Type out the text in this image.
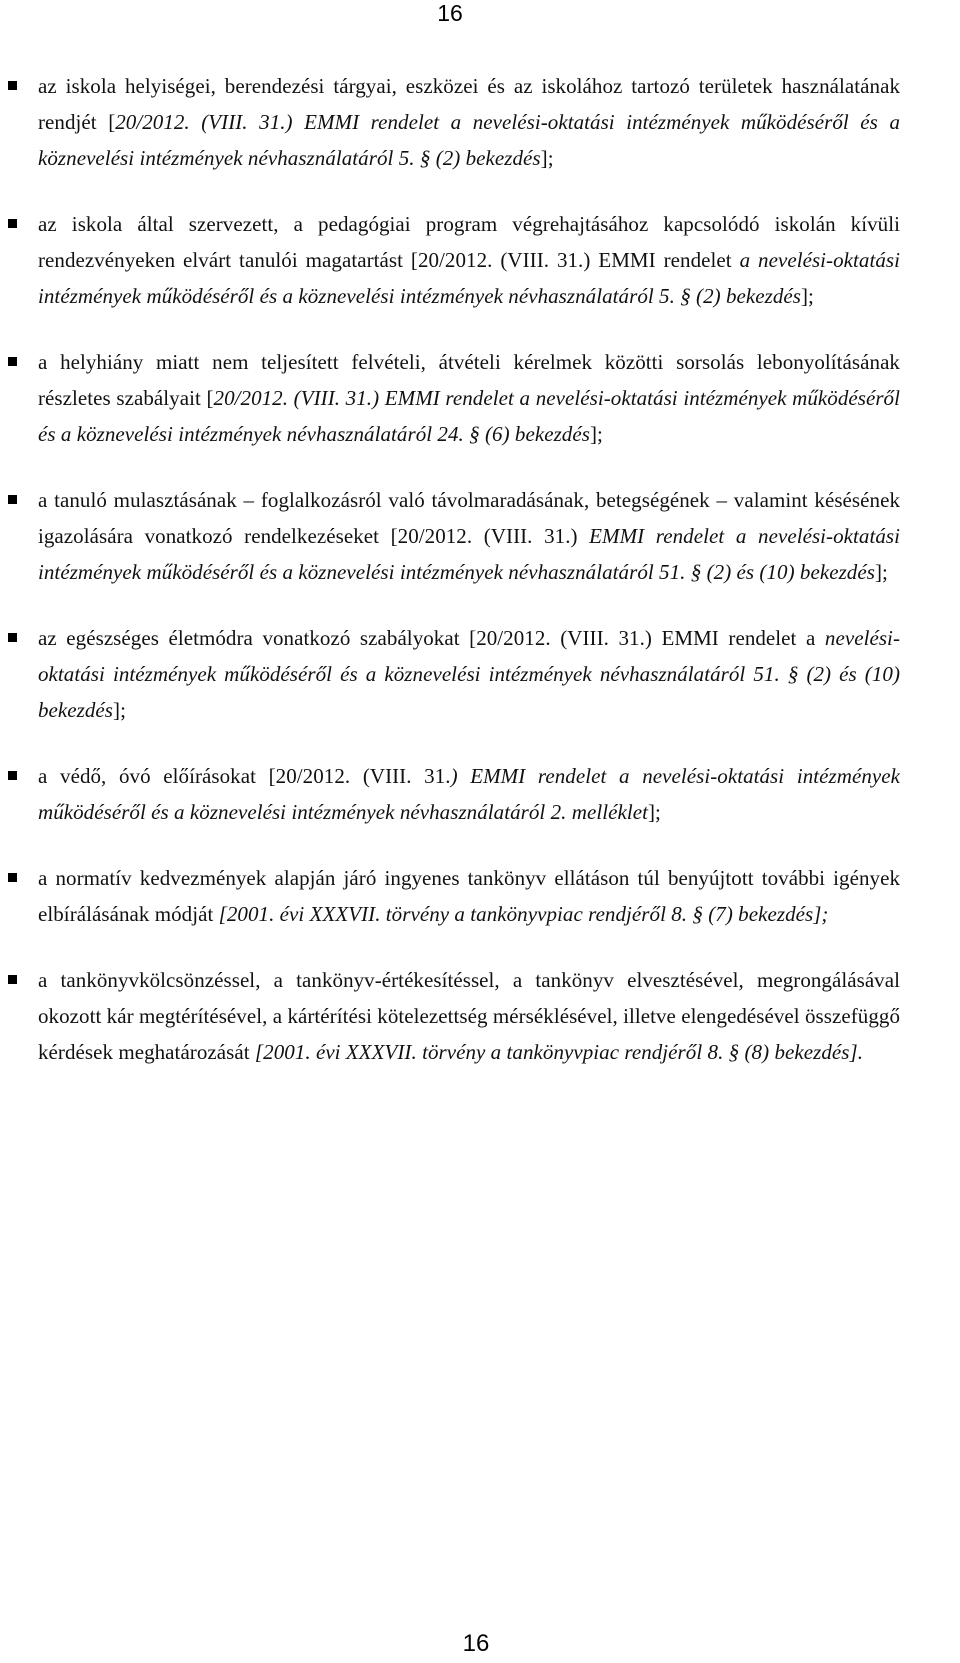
16
az iskola helyiségei, berendezési tárgyai, eszközei és az iskolához tartozó területek használatának rendjét [20/2012. (VIII. 31.) EMMI rendelet a nevelési-oktatási intézmények működéséről és a köznevelési intézmények névhasználatáról 5. § (2) bekezdés];
az iskola által szervezett, a pedagógiai program végrehajtásához kapcsolódó iskolán kívüli rendezvényeken elvárt tanulói magatartást [20/2012. (VIII. 31.) EMMI rendelet a nevelési-oktatási intézmények működéséről és a köznevelési intézmények névhasználatáról 5. § (2) bekezdés];
a helyhiány miatt nem teljesített felvételi, átvételi kérelmek közötti sorsolás lebonyolításának részletes szabályait [20/2012. (VIII. 31.) EMMI rendelet a nevelési-oktatási intézmények működéséről és a köznevelési intézmények névhasználatáról 24. § (6) bekezdés];
a tanuló mulasztásának – foglalkozásról való távolmaradásának, betegségének – valamint késésének igazolására vonatkozó rendelkezéseket [20/2012. (VIII. 31.) EMMI rendelet a nevelési-oktatási intézmények működéséről és a köznevelési intézmények névhasználatáról 51. § (2) és (10) bekezdés];
az egészséges életmódra vonatkozó szabályokat [20/2012. (VIII. 31.) EMMI rendelet a nevelési-oktatási intézmények működéséről és a köznevelési intézmények névhasználatáról 51. § (2) és (10) bekezdés];
a védő, óvó előírásokat [20/2012. (VIII. 31.) EMMI rendelet a nevelési-oktatási intézmények működéséről és a köznevelési intézmények névhasználatáról 2. melléklet];
a normatív kedvezmények alapján járó ingyenes tankönyv ellátáson túl benyújtott további igények elbírálásának módját [2001. évi XXXVII. törvény a tankönyvpiac rendjéről 8. § (7) bekezdés];
a tankönyvkölcsönzéssel, a tankönyv-értékesítéssel, a tankönyv elvesztésével, megrongálásával okozott kár megtérítésével, a kártérítési kötelezettség mérséklésével, illetve elengedésével összefüggő kérdések meghatározását [2001. évi XXXVII. törvény a tankönyvpiac rendjéről 8. § (8) bekezdés].
16
